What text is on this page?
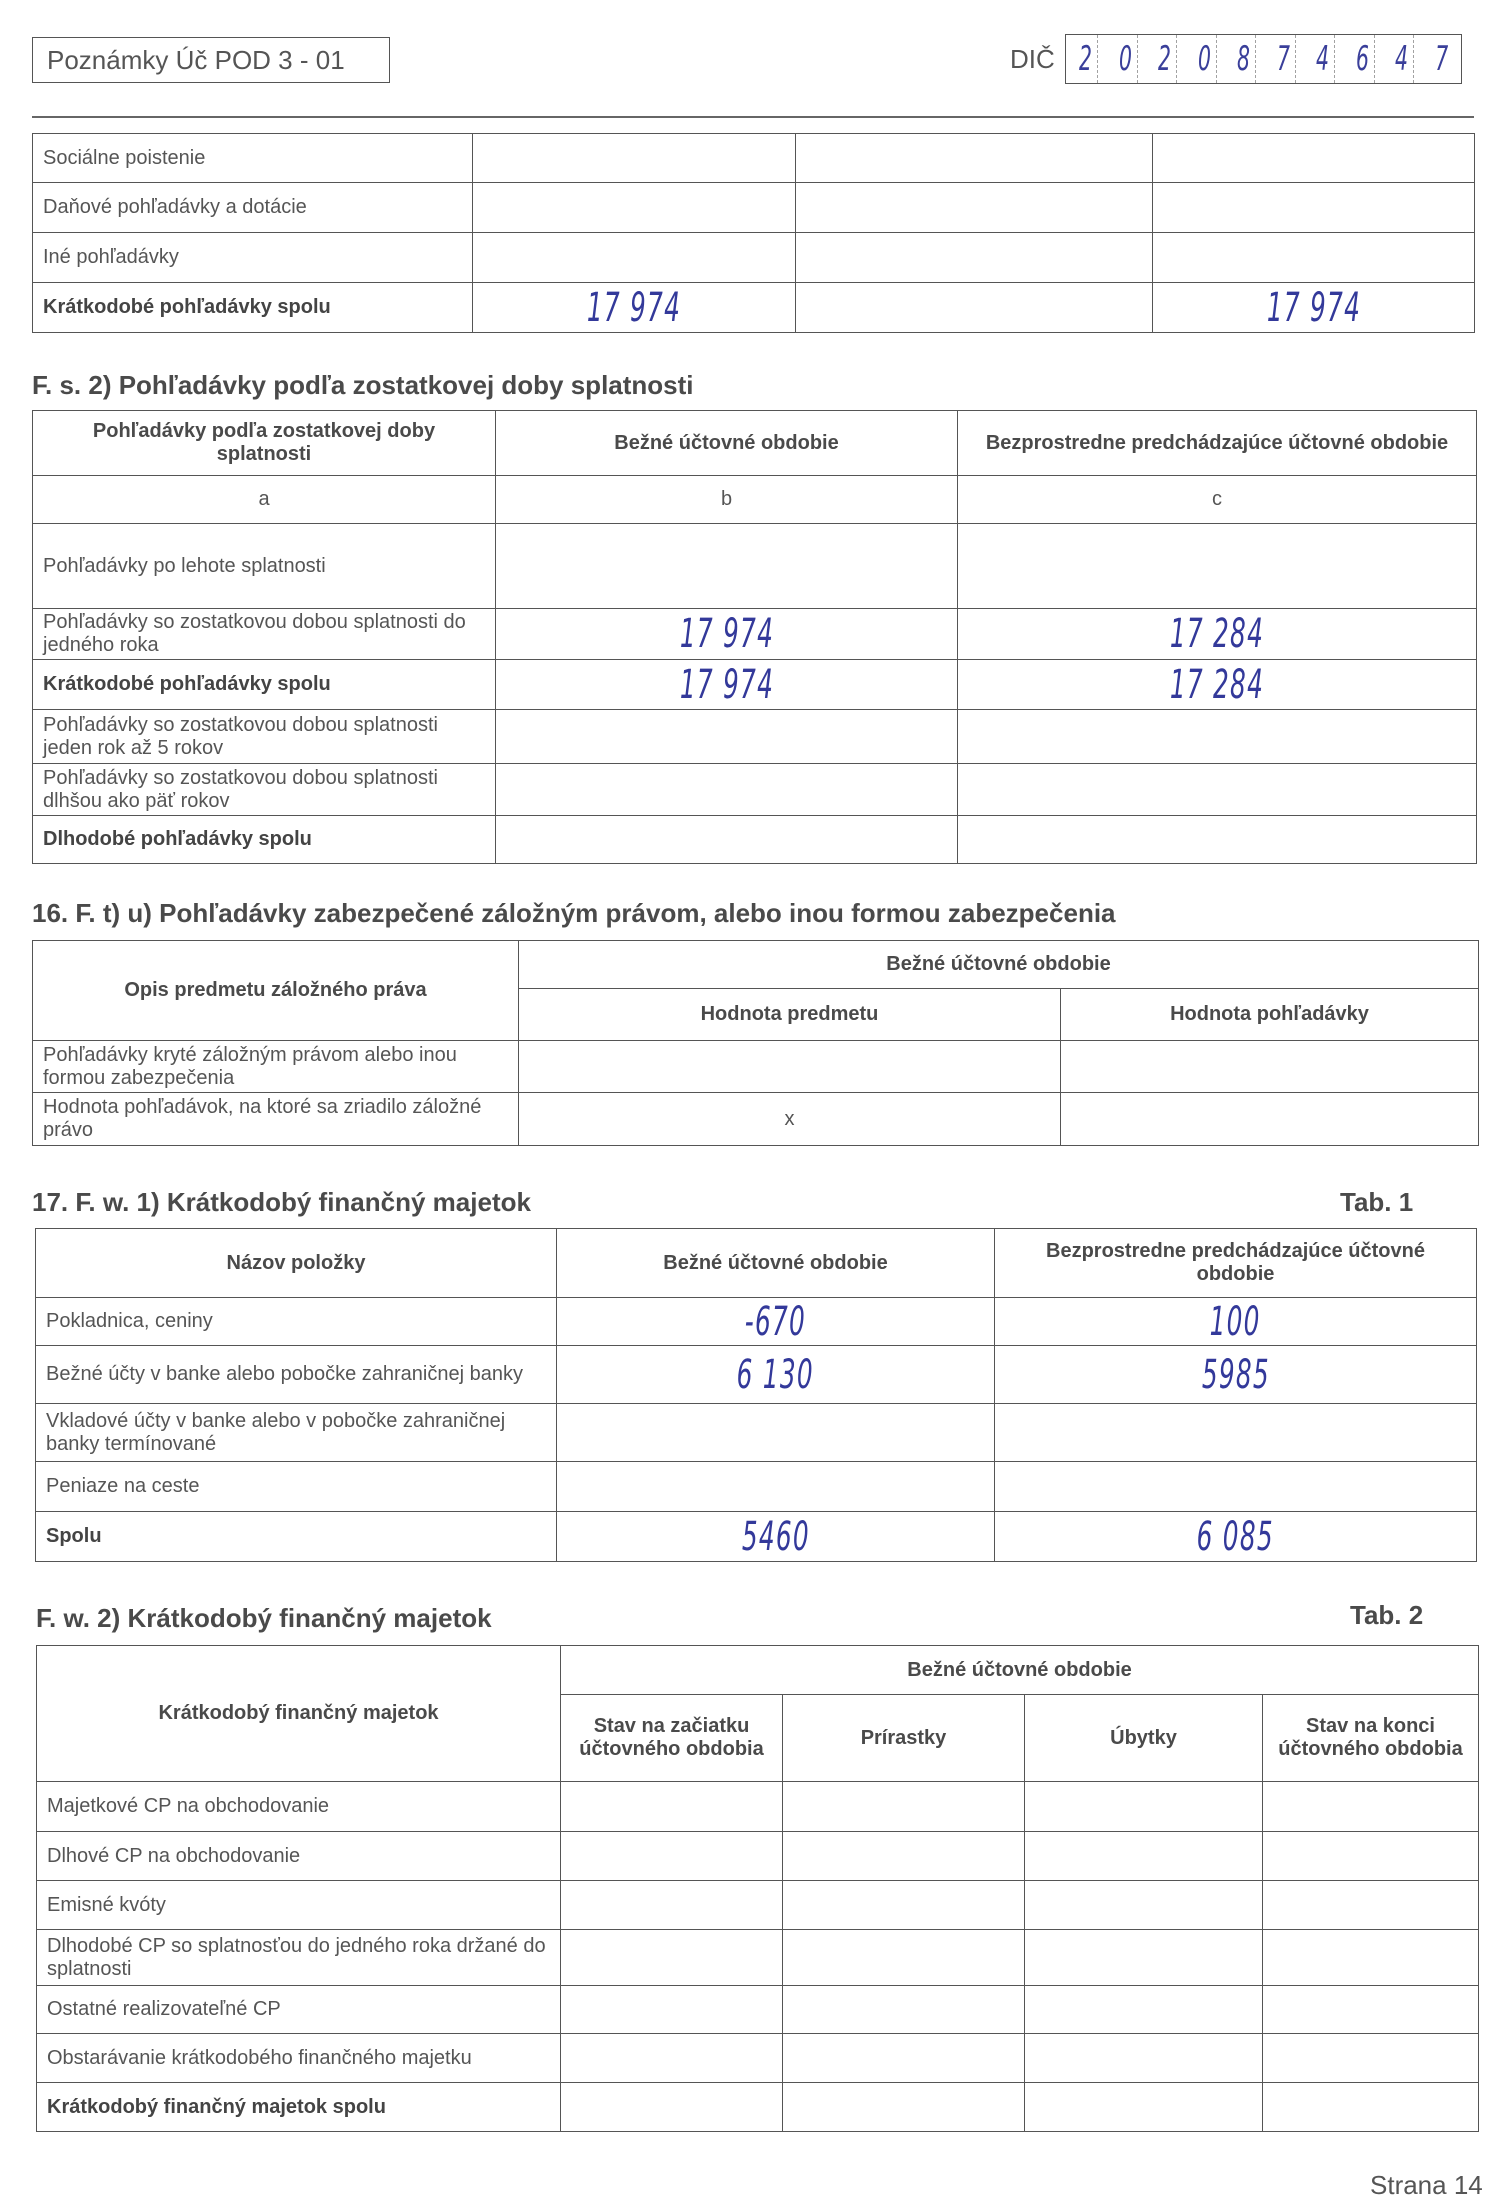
Poznámky Úč POD 3 - 01	DIČ 2 0 2 0 8 7 4 6 4 7
Sociálne poistenie			
Daňové pohľadávky a dotácie			
Iné pohľadávky			
Krátkodobé pohľadávky spolu	17 974		17 974
F. s. 2) Pohľadávky podľa zostatkovej doby splatnosti
Pohľadávky podľa zostatkovej doby splatnosti	Bežné účtovné obdobie	Bezprostredne predchádzajúce účtovné obdobie
a	b	c
Pohľadávky po lehote splatnosti		
Pohľadávky so zostatkovou dobou splatnosti do jedného roka	17 974	17 284
Krátkodobé pohľadávky spolu	17 974	17 284
Pohľadávky so zostatkovou dobou splatnosti jeden rok až 5 rokov		
Pohľadávky so zostatkovou dobou splatnosti dlhšou ako päť rokov		
Dlhodobé pohľadávky spolu		
16. F. t) u) Pohľadávky zabezpečené záložným právom, alebo inou formou zabezpečenia
Opis predmetu záložného práva	Bežné účtovné obdobie	
	Hodnota predmetu	Hodnota pohľadávky
Pohľadávky kryté záložným právom alebo inou formou zabezpečenia		
Hodnota pohľadávok, na ktoré sa zriadilo záložné právo	x	
17. F. w. 1) Krátkodobý finančný majetok	Tab. 1
Názov položky	Bežné účtovné obdobie	Bezprostredne predchádzajúce účtovné obdobie
Pokladnica, ceniny	-670	100
Bežné účty v banke alebo pobočke zahraničnej banky	6 130	5985
Vkladové účty v banke alebo v pobočke zahraničnej banky termínované		
Peniaze na ceste		
Spolu	5460	6 085
F. w. 2) Krátkodobý finančný majetok	Tab. 2
Krátkodobý finančný majetok	Bežné účtovné obdobie			
	Stav na začiatku účtovného obdobia	Prírastky	Úbytky	Stav na konci účtovného obdobia
Majetkové CP na obchodovanie				
Dlhové CP na obchodovanie				
Emisné kvóty				
Dlhodobé CP so splatnosťou do jedného roka držané do splatnosti				
Ostatné realizovateľné CP				
Obstarávanie krátkodobého finančného majetku				
Krátkodobý finančný majetok spolu				
Strana 14
